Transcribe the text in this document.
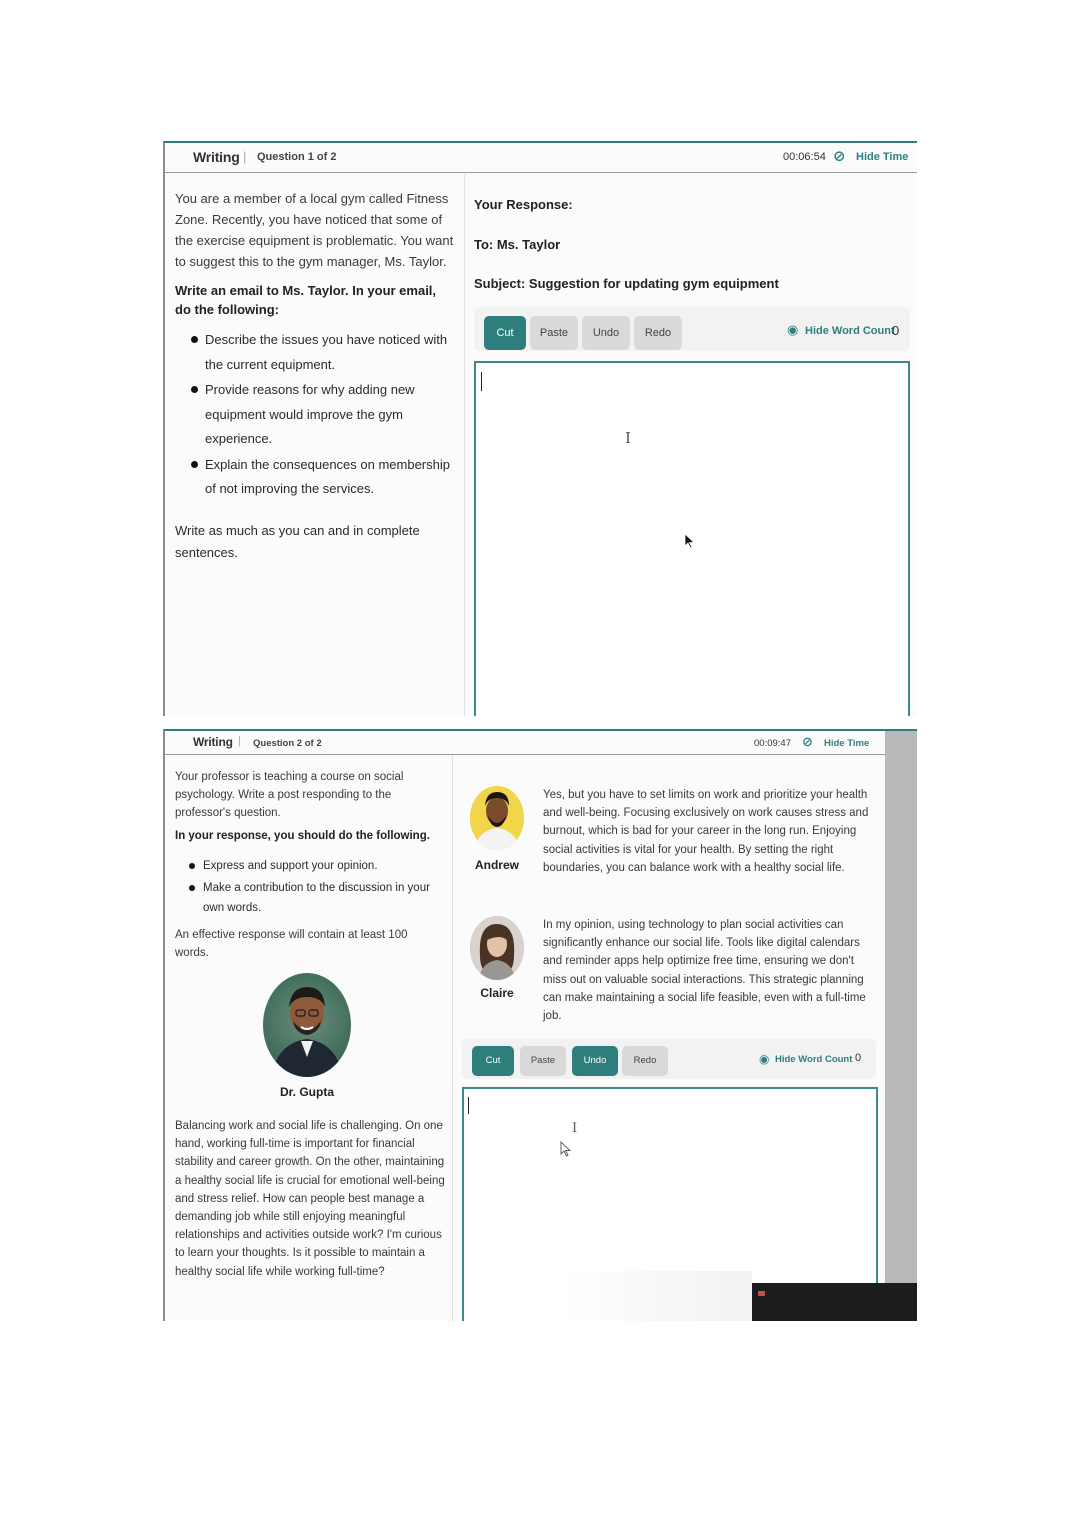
Writing | Question 1 of 2	00:06:54 ⊘ Hide Time
You are a member of a local gym called Fitness Zone. Recently, you have noticed that some of the exercise equipment is problematic. You want to suggest this to the gym manager, Ms. Taylor.
Write an email to Ms. Taylor. In your email, do the following:
Describe the issues you have noticed with the current equipment.
Provide reasons for why adding new equipment would improve the gym experience.
Explain the consequences on membership of not improving the services.
Write as much as you can and in complete sentences.
Your Response:
To: Ms. Taylor
Subject: Suggestion for updating gym equipment
Cut	Paste	Undo	Redo	◉ Hide Word Count
0
I
Writing | Question 2 of 2	00:09:47 ⊘ Hide Time
Your professor is teaching a course on social psychology. Write a post responding to the professor's question.
In your response, you should do the following.
Express and support your opinion.
Make a contribution to the discussion in your own words.
An effective response will contain at least 100 words.
Dr. Gupta
Balancing work and social life is challenging. On one hand, working full-time is important for financial stability and career growth. On the other, maintaining a healthy social life is crucial for emotional well-being and stress relief. How can people best manage a demanding job while still enjoying meaningful relationships and activities outside work? I'm curious to learn your thoughts. Is it possible to maintain a healthy social life while working full-time?
Andrew
Yes, but you have to set limits on work and prioritize your health and well-being. Focusing exclusively on work causes stress and burnout, which is bad for your career in the long run. Enjoying social activities is vital for your health. By setting the right boundaries, you can balance work with a healthy social life.
Claire
In my opinion, using technology to plan social activities can significantly enhance our social life. Tools like digital calendars and reminder apps help optimize free time, ensuring we don't miss out on valuable social interactions. This strategic planning can make maintaining a social life feasible, even with a full-time job.
Cut	Paste	Undo	Redo	◉ Hide Word Count 0
I
